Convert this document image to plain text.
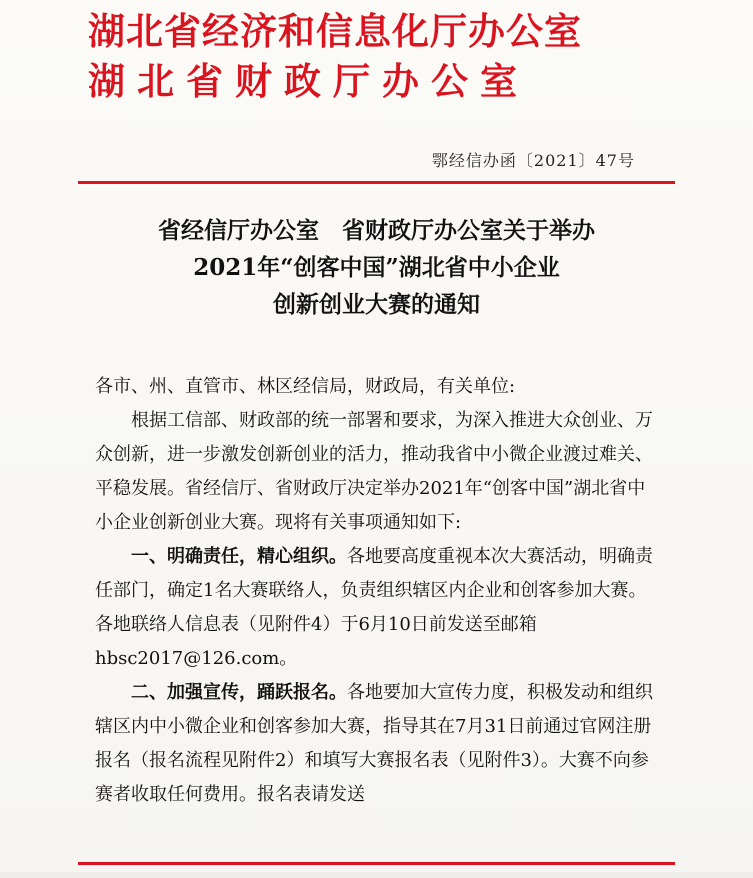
湖北省经济和信息化厅办公室
湖北省财政厅办公室
鄂经信办函〔2021〕47号
省经信厅办公室　省财政厅办公室关于举办
2021年“创客中国”湖北省中小企业
创新创业大赛的通知

各市、州、直管市、林区经信局，财政局，有关单位:

根据工信部、财政部的统一部署和要求，为深入推进大众创业、万众创新，进一步激发创新创业的活力，推动我省中小微企业渡过难关、平稳发展。省经信厅、省财政厅决定举办2021年“创客中国”湖北省中小企业创新创业大赛。现将有关事项通知如下:

一、明确责任，精心组织。各地要高度重视本次大赛活动，明确责任部门，确定1名大赛联络人，负责组织辖区内企业和创客参加大赛。各地联络人信息表（见附件4）于6月10日前发送至邮箱hbsc2017@126.com。

二、加强宣传，踊跃报名。各地要加大宣传力度，积极发动和组织辖区内中小微企业和创客参加大赛，指导其在7月31日前通过官网注册报名（报名流程见附件2）和填写大赛报名表（见附件3）。大赛不向参赛者收取任何费用。报名表请发送
